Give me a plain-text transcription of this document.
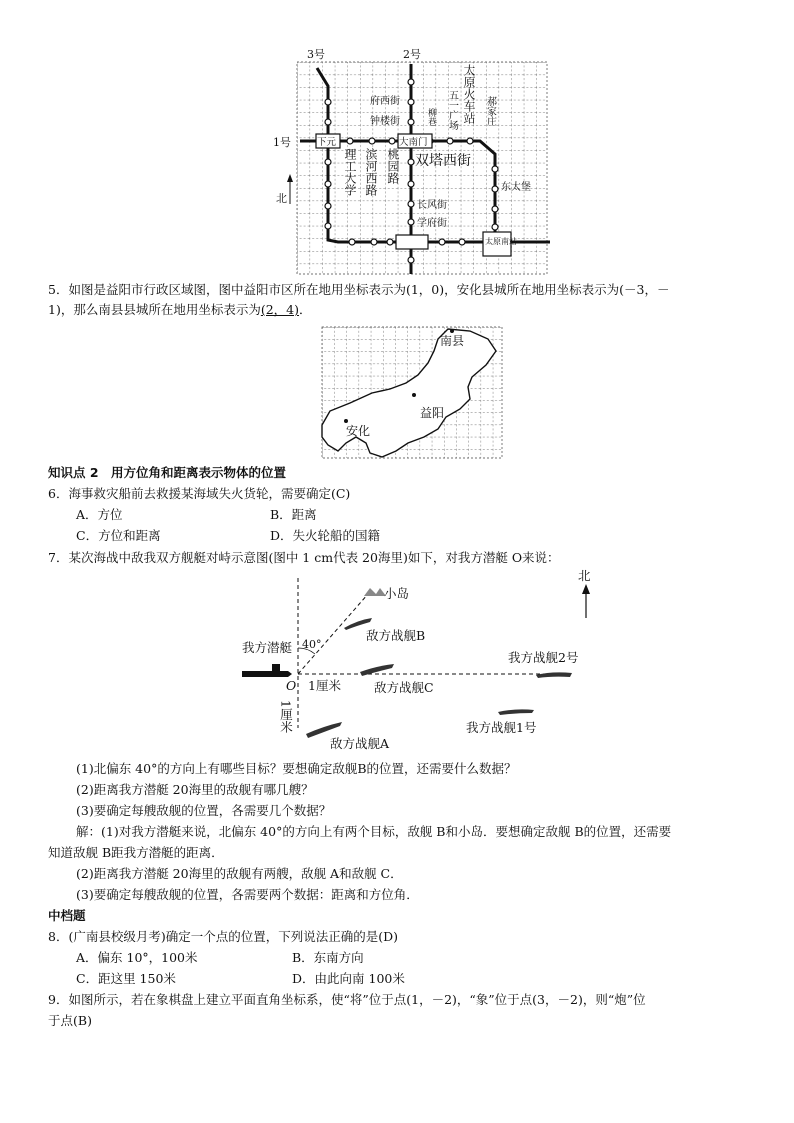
3号	2号
1号
北
府西街
钟楼街
下元	大南门
长风街
学府街
东太堡
太原南站
双塔西街
太原火车站
五一广场	郝家庄
柳巷
理工大学 滨河西路 桃园路
5．如图是益阳市行政区域图，图中益阳市区所在地用坐标表示为(1，0)，安化县城所在地用坐标表示为(－3，－
1)，那么南县县城所在地用坐标表示为(2，4)．
南县
益阳
安化
知识点 2　用方位角和距离表示物体的位置
6．海事救灾船前去救援某海域失火货轮，需要确定(C)
A．方位	B．距离
C．方位和距离	D．失火轮船的国籍
7．某次海战中敌我双方舰艇对峙示意图(图中 1 cm代表 20海里)如下，对我方潜艇 O来说：
北
小岛
敌方战舰B
我方潜艇 40°
O 1厘米	敌方战舰C
我方战舰2号
我方战舰1号
敌方战舰A
1厘米
(1)北偏东 40°的方向上有哪些目标？要想确定敌舰B的位置，还需要什么数据？
(2)距离我方潜艇 20海里的敌舰有哪几艘？
(3)要确定每艘敌舰的位置，各需要几个数据？
解：(1)对我方潜艇来说，北偏东 40°的方向上有两个目标，敌舰 B和小岛．要想确定敌舰 B的位置，还需要
知道敌舰 B距我方潜艇的距离．
(2)距离我方潜艇 20海里的敌舰有两艘，敌舰 A和敌舰 C．
(3)要确定每艘敌舰的位置，各需要两个数据：距离和方位角．
中档题
8．(广南县校级月考)确定一个点的位置，下列说法正确的是(D)
A．偏东 10°，100米	B．东南方向
C．距这里 150米	D．由此向南 100米
9．如图所示，若在象棋盘上建立平面直角坐标系，使“将”位于点(1，－2)，“象”位于点(3，－2)，则“炮”位
于点(B)
